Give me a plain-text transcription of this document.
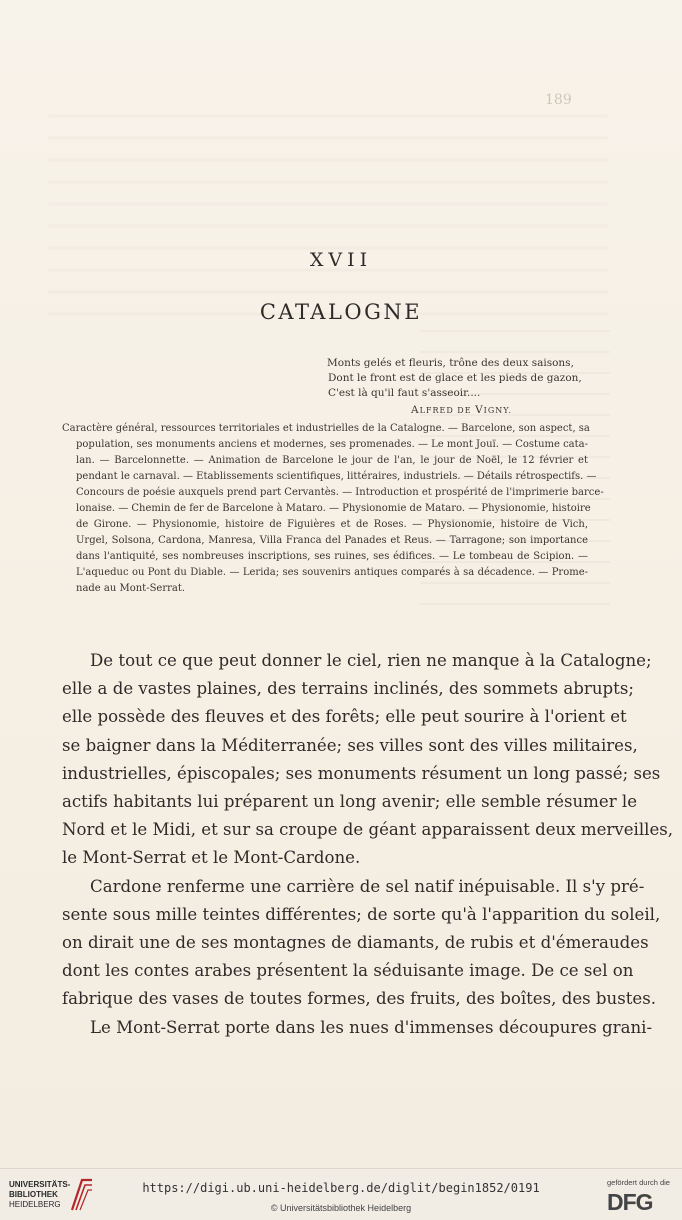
189
XVII
CATALOGNE
Monts gelés et fleuris, trône des deux saisons,
Dont le front est de glace et les pieds de gazon,
C'est là qu'il faut s'asseoir....
ALFRED DE VIGNY.
Caractère général, ressources territoriales et industrielles de la Catalogne. — Barcelone, son aspect, sa
population, ses monuments anciens et modernes, ses promenades. — Le mont Jouï. — Costume cata-
lan. — Barcelonnette. — Animation de Barcelone le jour de l'an, le jour de Noël, le 12 février et
pendant le carnaval. — Etablissements scientifiques, littéraires, industriels. — Détails rétrospectifs. —
Concours de poésie auxquels prend part Cervantès. — Introduction et prospérité de l'imprimerie barce-
lonaise. — Chemin de fer de Barcelone à Mataro. — Physionomie de Mataro. — Physionomie, histoire
de Girone. — Physionomie, histoire de Figuières et de Roses. — Physionomie, histoire de Vich,
Urgel, Solsona, Cardona, Manresa, Villa Franca del Panades et Reus. — Tarragone; son importance
dans l'antiquité, ses nombreuses inscriptions, ses ruines, ses édifices. — Le tombeau de Scipion. —
L'aqueduc ou Pont du Diable. — Lerida; ses souvenirs antiques comparés à sa décadence. — Prome-
nade au Mont-Serrat.
De tout ce que peut donner le ciel, rien ne manque à la Catalogne;
elle a de vastes plaines, des terrains inclinés, des sommets abrupts;
elle possède des fleuves et des forêts; elle peut sourire à l'orient et
se baigner dans la Méditerranée; ses villes sont des villes militaires,
industrielles, épiscopales; ses monuments résument un long passé; ses
actifs habitants lui préparent un long avenir; elle semble résumer le
Nord et le Midi, et sur sa croupe de géant apparaissent deux merveilles,
le Mont-Serrat et le Mont-Cardone.
Cardone renferme une carrière de sel natif inépuisable. Il s'y pré-
sente sous mille teintes différentes; de sorte qu'à l'apparition du soleil,
on dirait une de ses montagnes de diamants, de rubis et d'émeraudes
dont les contes arabes présentent la séduisante image. De ce sel on
fabrique des vases de toutes formes, des fruits, des boîtes, des bustes.
Le Mont-Serrat porte dans les nues d'immenses découpures grani-
UNIVERSITÄTS-
BIBLIOTHEK
HEIDELBERG
https://digi.ub.uni-heidelberg.de/diglit/begin1852/0191
© Universitätsbibliothek Heidelberg
gefördert durch die
DFG
